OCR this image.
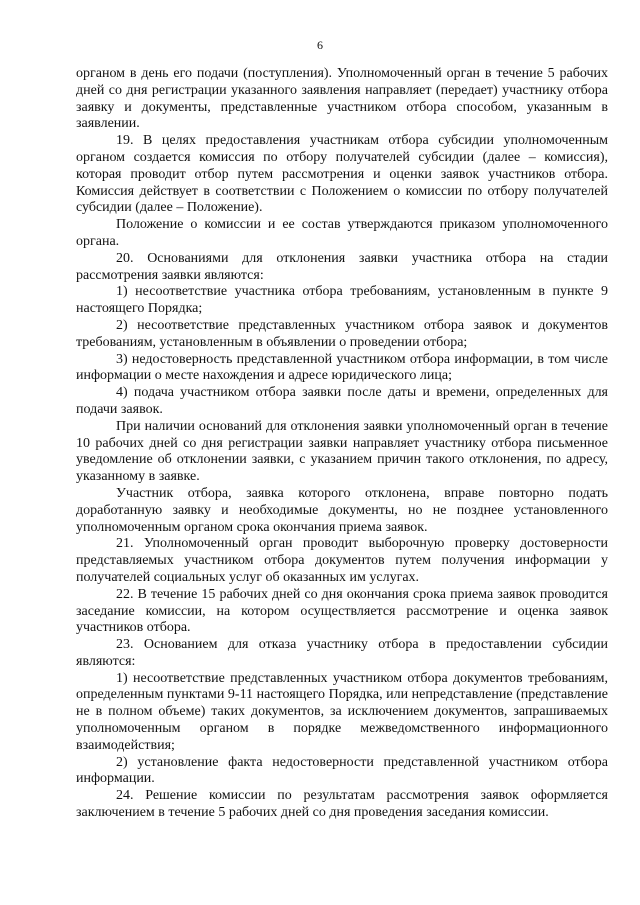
6

органом в день его подачи (поступления). Уполномоченный орган в течение 5 рабочих дней со дня регистрации указанного заявления направляет (передает) участнику отбора заявку и документы, представленные участником отбора способом, указанным в заявлении.

19. В целях предоставления участникам отбора субсидии уполномоченным органом создается комиссия по отбору получателей субсидии (далее – комиссия), которая проводит отбор путем рассмотрения и оценки заявок участников отбора. Комиссия действует в соответствии с Положением о комиссии по отбору получателей субсидии (далее – Положение).

Положение о комиссии и ее состав утверждаются приказом уполномоченного органа.

20. Основаниями для отклонения заявки участника отбора на стадии рассмотрения заявки являются:

1) несоответствие участника отбора требованиям, установленным в пункте 9 настоящего Порядка;

2) несоответствие представленных участником отбора заявок и документов требованиям, установленным в объявлении о проведении отбора;

3) недостоверность представленной участником отбора информации, в том числе информации о месте нахождения и адресе юридического лица;

4) подача участником отбора заявки после даты и времени, определенных для подачи заявок.

При наличии оснований для отклонения заявки уполномоченный орган в течение 10 рабочих дней со дня регистрации заявки направляет участнику отбора письменное уведомление об отклонении заявки, с указанием причин такого отклонения, по адресу, указанному в заявке.

Участник отбора, заявка которого отклонена, вправе повторно подать доработанную заявку и необходимые документы, но не позднее установленного уполномоченным органом срока окончания приема заявок.

21. Уполномоченный орган проводит выборочную проверку достоверности представляемых участником отбора документов путем получения информации у получателей социальных услуг об оказанных им услугах.

22. В течение 15 рабочих дней со дня окончания срока приема заявок проводится заседание комиссии, на котором осуществляется рассмотрение и оценка заявок участников отбора.

23. Основанием для отказа участнику отбора в предоставлении субсидии являются:

1) несоответствие представленных участником отбора документов требованиям, определенным пунктами 9-11 настоящего Порядка, или непредставление (представление не в полном объеме) таких документов, за исключением документов, запрашиваемых уполномоченным органом в порядке межведомственного информационного взаимодействия;

2) установление факта недостоверности представленной участником отбора информации.

24. Решение комиссии по результатам рассмотрения заявок оформляется заключением в течение 5 рабочих дней со дня проведения заседания комиссии.
